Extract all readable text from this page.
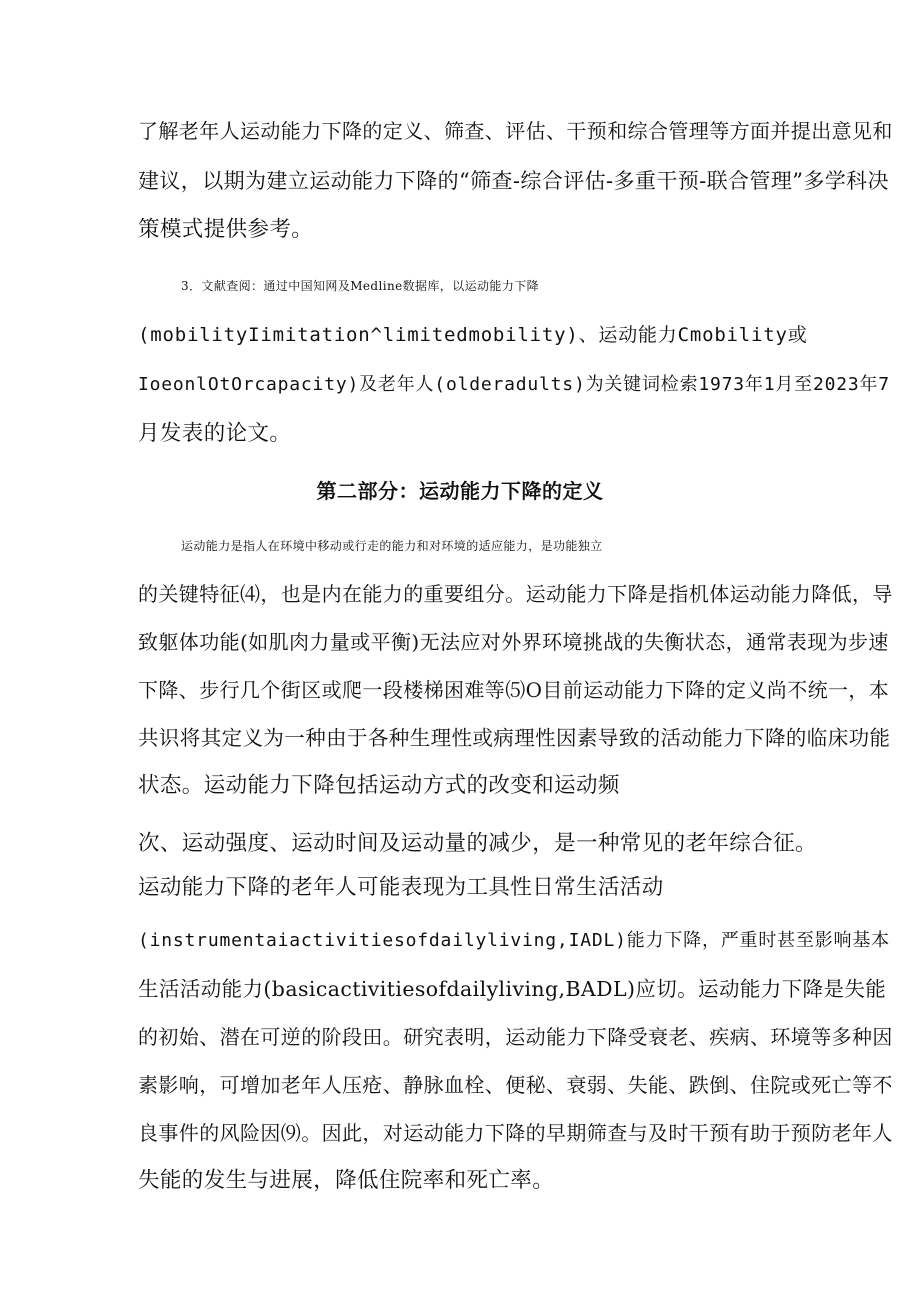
了解老年人运动能力下降的定义、筛查、评估、干预和综合管理等方面并提出意见和
建议，以期为建立运动能力下降的“筛查-综合评估-多重干预-联合管理”多学科决
策模式提供参考。
3．文献查阅：通过中国知网及Medline数据库，以运动能力下降
(mobilityIimitation^limitedmobility)、运动能力Cmobility或
IoeonlOtOrcapacity)及老年人(olderadults)为关键词检索1973年1月至2023年7
月发表的论文。
第二部分：运动能力下降的定义
运动能力是指人在环境中移动或行走的能力和对环境的适应能力，是功能独立
的关键特征⑷，也是内在能力的重要组分。运动能力下降是指机体运动能力降低，导
致躯体功能(如肌肉力量或平衡)无法应对外界环境挑战的失衡状态，通常表现为步速
下降、步行几个街区或爬一段楼梯困难等⑸O目前运动能力下降的定义尚不统一，本
共识将其定义为一种由于各种生理性或病理性因素导致的活动能力下降的临床功能
状态。运动能力下降包括运动方式的改变和运动频
次、运动强度、运动时间及运动量的减少，是一种常见的老年综合征。
运动能力下降的老年人可能表现为工具性日常生活活动
(instrumentaiactivitiesofdailyliving,IADL)能力下降，严重时甚至影响基本
生活活动能力(basicactivitiesofdailyliving,BADL)应切。运动能力下降是失能
的初始、潜在可逆的阶段田。研究表明，运动能力下降受衰老、疾病、环境等多种因
素影响，可增加老年人压疮、静脉血栓、便秘、衰弱、失能、跌倒、住院或死亡等不
良事件的风险因⑼。因此，对运动能力下降的早期筛查与及时干预有助于预防老年人
失能的发生与进展，降低住院率和死亡率。
